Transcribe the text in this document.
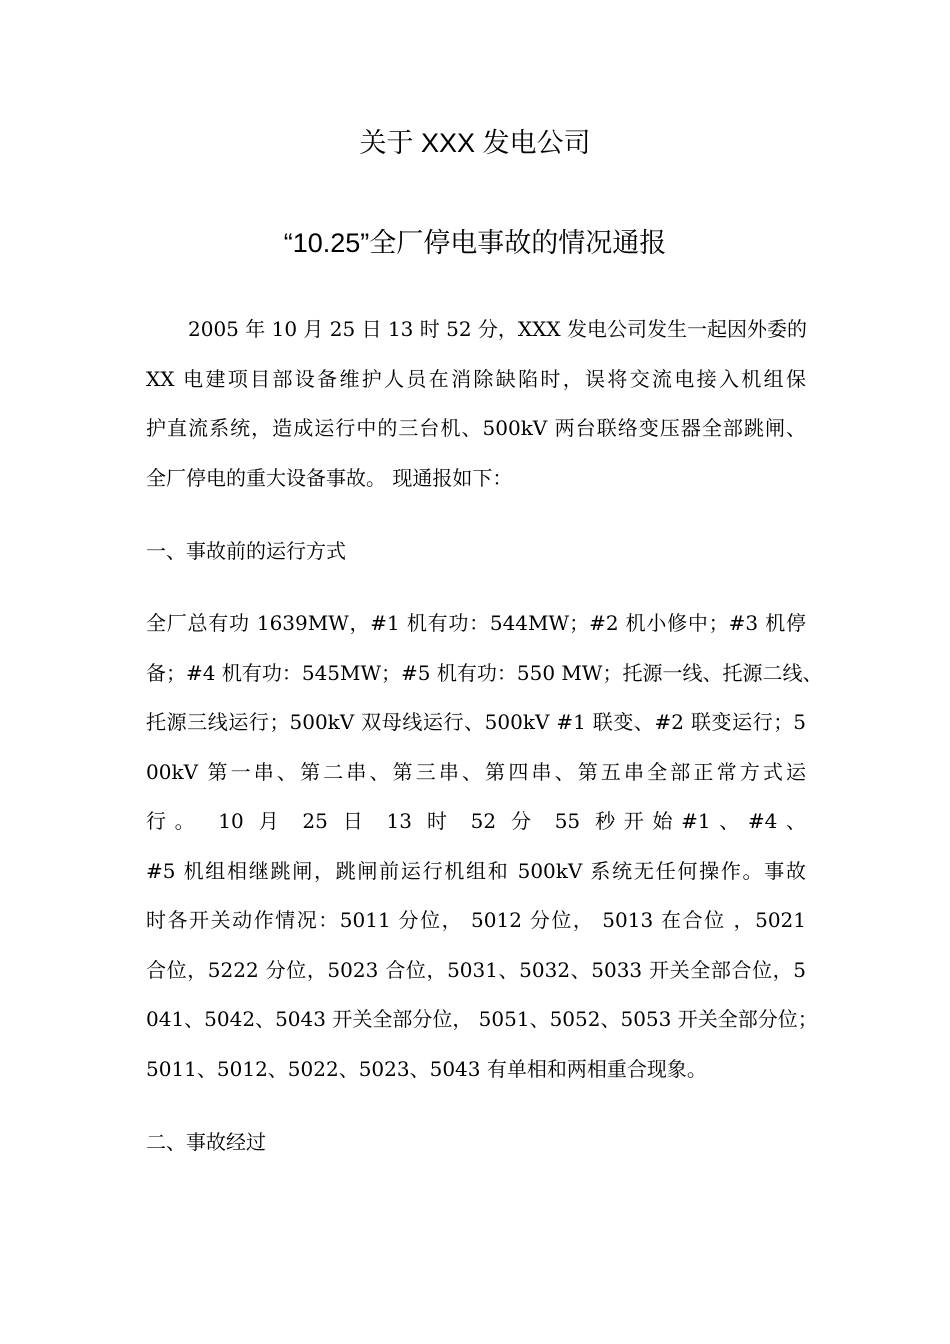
关于 XXX 发电公司
“10.25”全厂停电事故的情况通报
2005 年 10 月 25 日 13 时 52 分，XXX 发电公司发生一起因外委的
XX 电建项目部设备维护人员在消除缺陷时，误将交流电接入机组保
护直流系统，造成运行中的三台机、500kV 两台联络变压器全部跳闸、
全厂停电的重大设备事故。 现通报如下：
一、事故前的运行方式
全厂总有功 1639MW，#1 机有功：544MW；#2 机小修中；#3 机停
备；#4 机有功：545MW；#5 机有功：550 MW；托源一线、托源二线、
托源三线运行；500kV 双母线运行、500kV #1 联变、#2 联变运行；5
00kV 第一串、第二串、第三串、第四串、第五串全部正常方式运
行。 10 月 25 日 13 时 52 分 55 秒开始#1、#4、
#5 机组相继跳闸，跳闸前运行机组和 500kV 系统无任何操作。事故
时各开关动作情况：5011 分位， 5012 分位， 5013 在合位 ，5021
合位，5222 分位，5023 合位，5031、5032、5033 开关全部合位，5
041、5042、5043 开关全部分位， 5051、5052、5053 开关全部分位；
5011、5012、5022、5023、5043 有单相和两相重合现象。
二、事故经过
